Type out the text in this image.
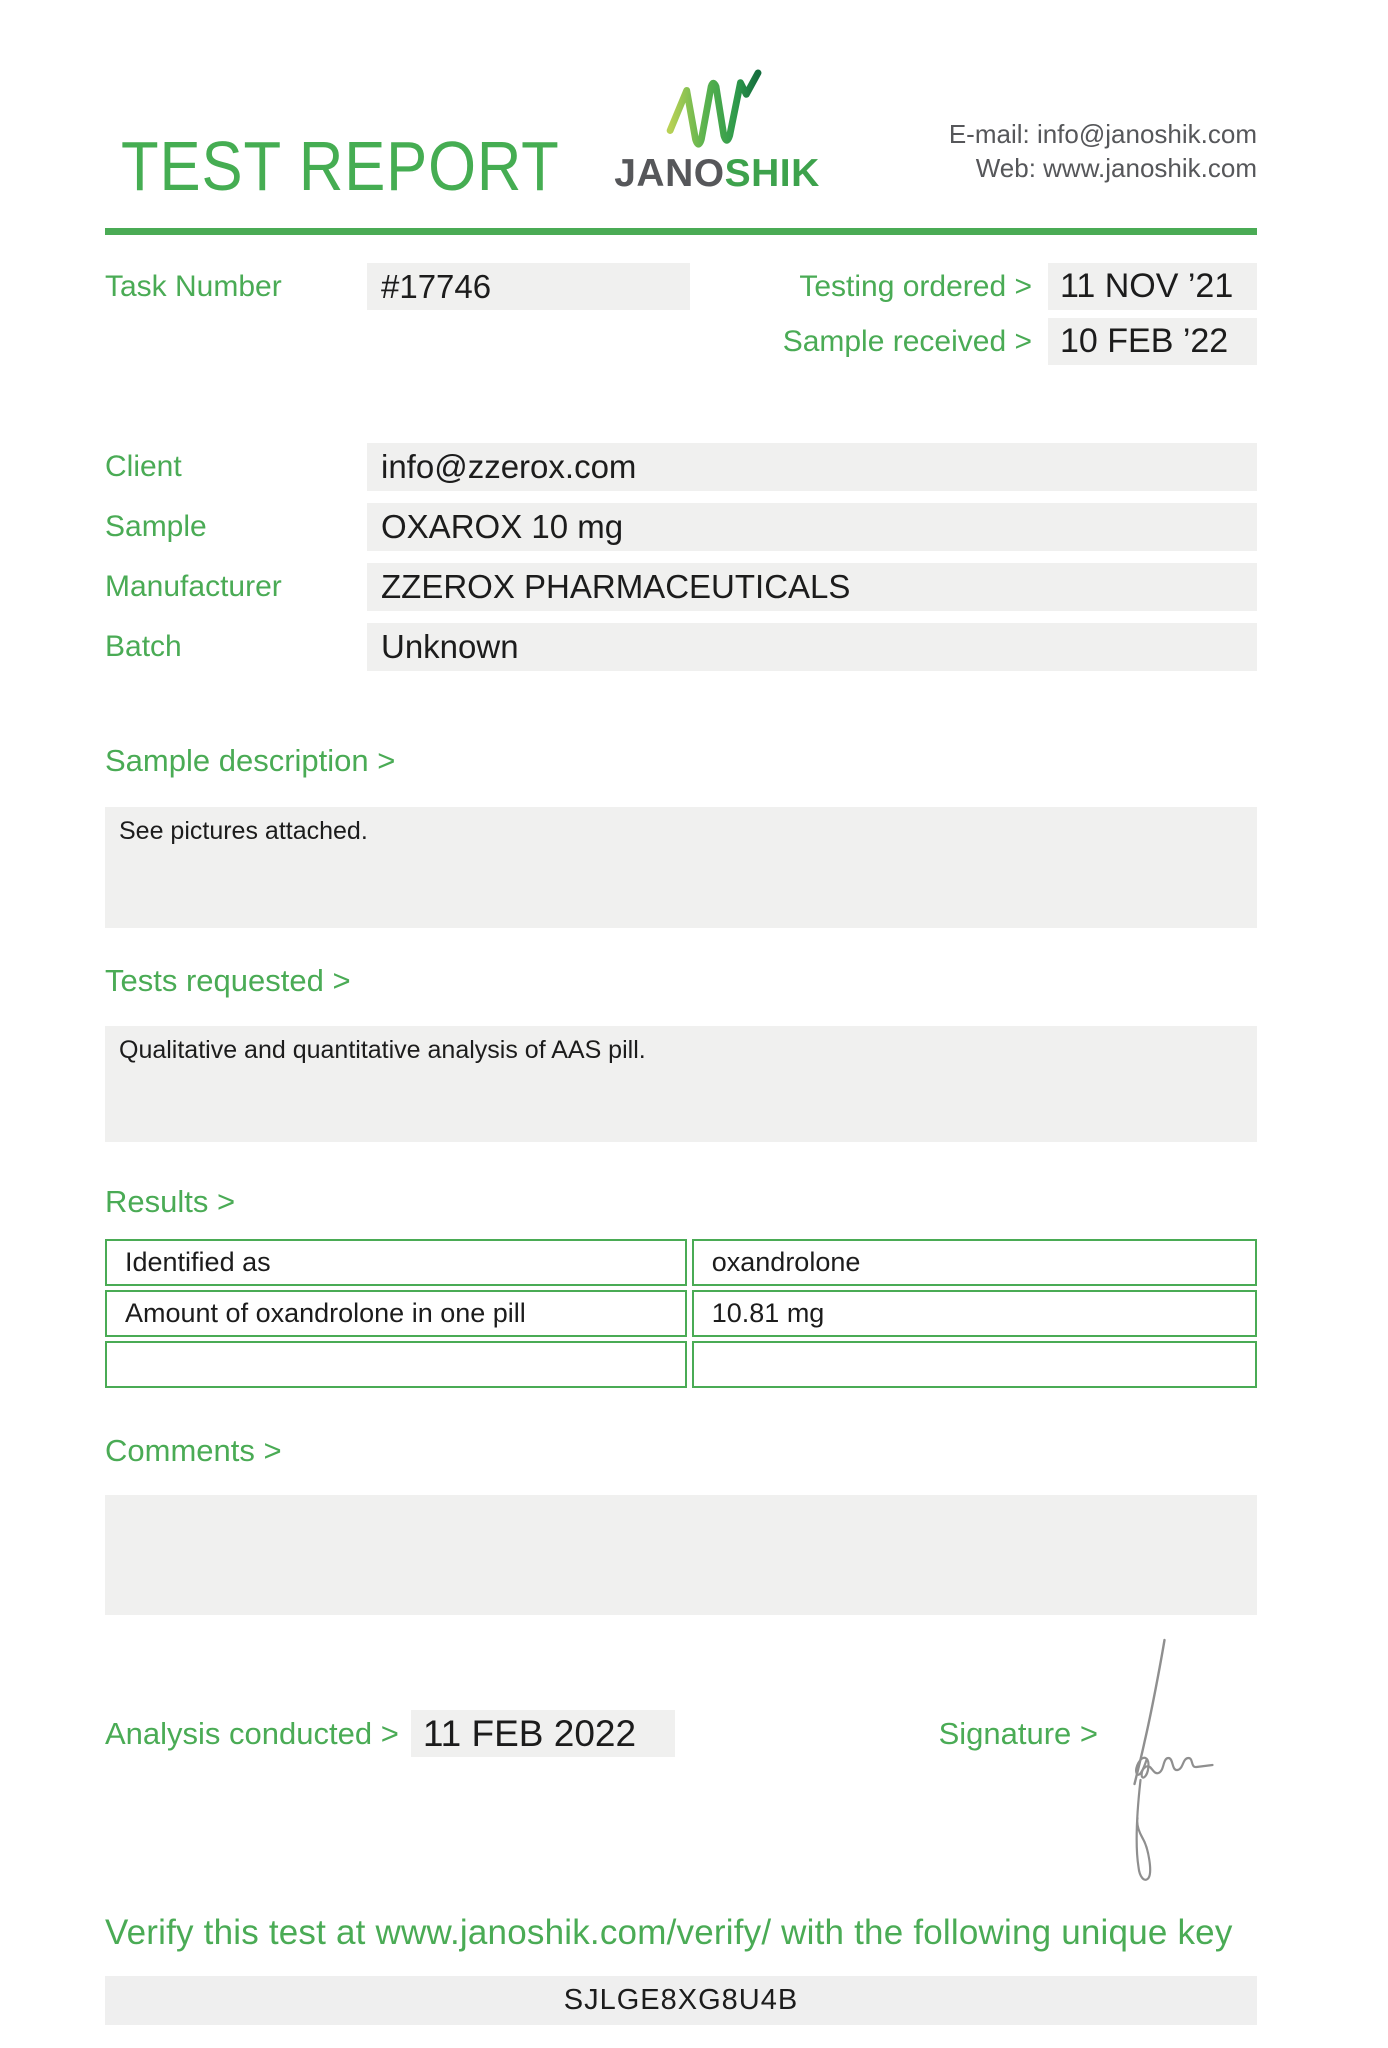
TEST REPORT	JANOSHIK
E-mail: info@janoshik.com
Web: www.janoshik.com
Task Number	#17746	Testing ordered > 11 NOV ’21
Sample received > 10 FEB ’22
Client	info@zzerox.com
Sample	OXAROX 10 mg
Manufacturer	ZZEROX PHARMACEUTICALS
Batch	Unknown
Sample description >
See pictures attached.
Tests requested >
Qualitative and quantitative analysis of AAS pill.
Results >
Identified as	oxandrolone
Amount of oxandrolone in one pill	10.81 mg
Comments >
Analysis conducted > 11 FEB 2022	Signature >
Verify this test at www.janoshik.com/verify/ with the following unique key
SJLGE8XG8U4B
